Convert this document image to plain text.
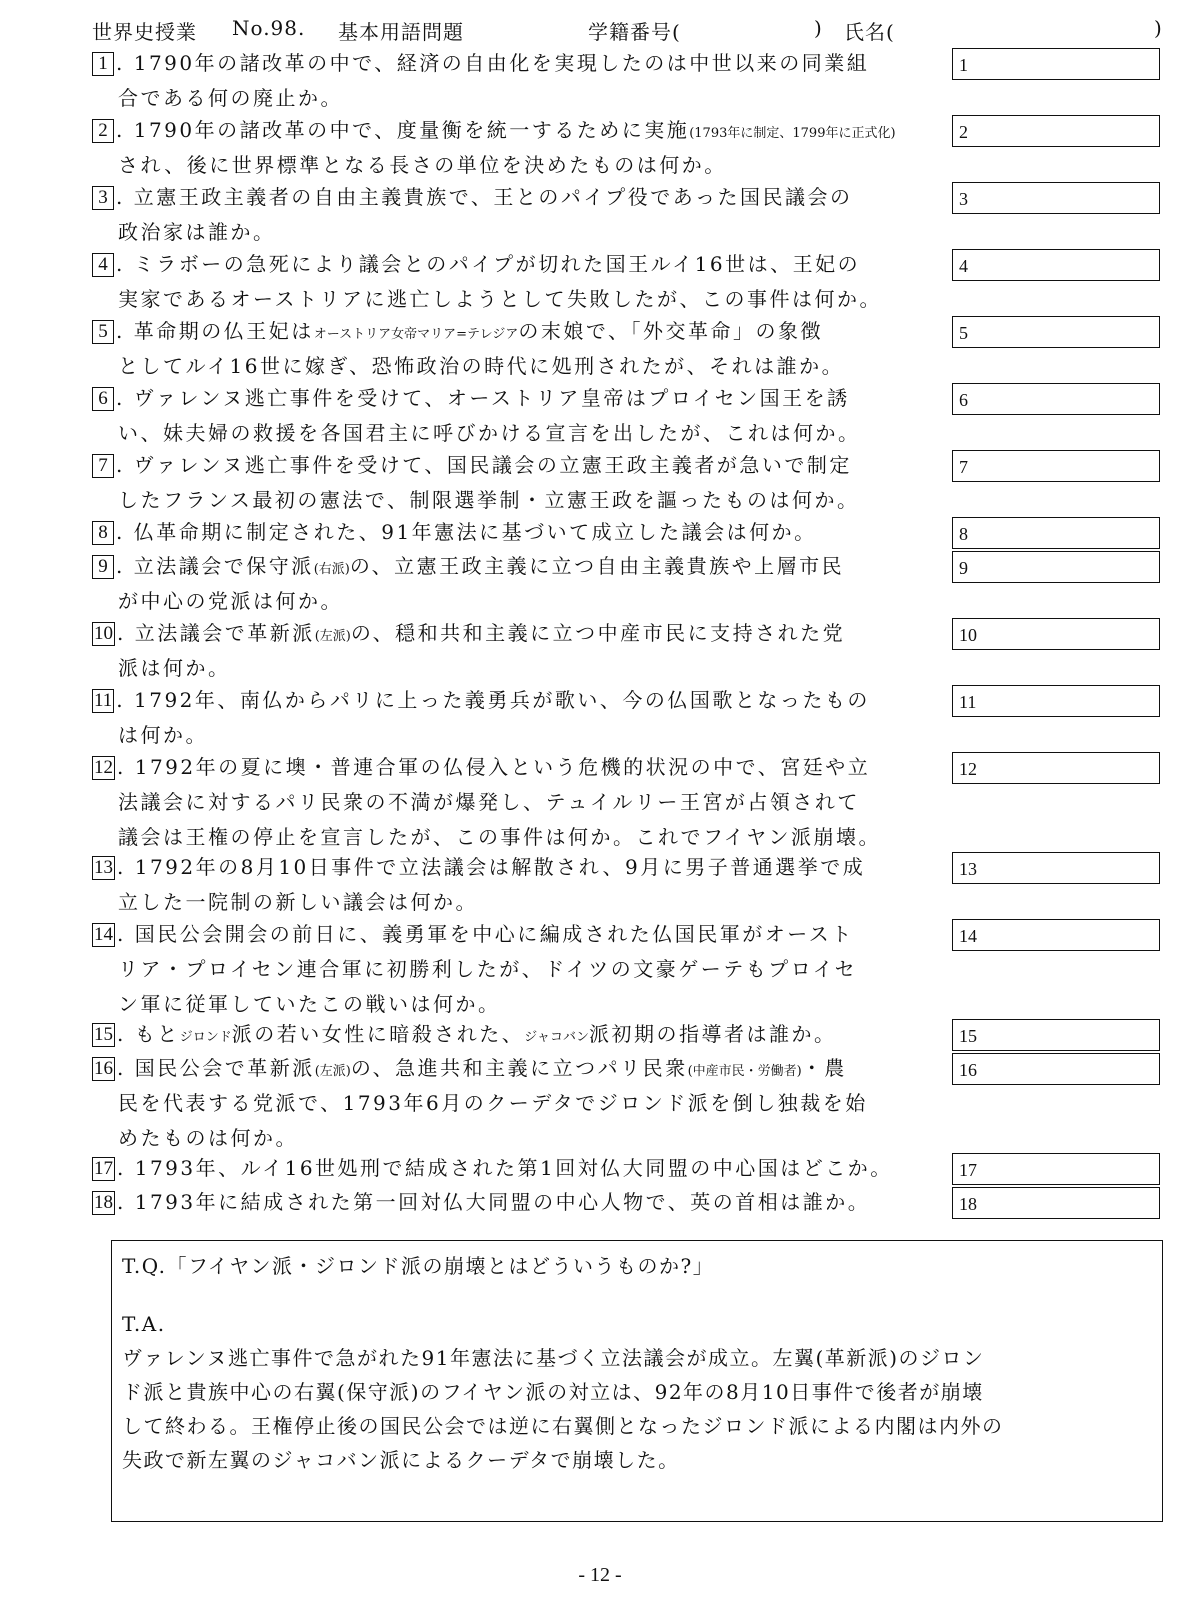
世界史授業 No.98. 基本用語問題	学籍番号(	) 氏名(	)
1 . 1790年の諸改革の中で、経済の自由化を実現したのは中世以来の同業組
合である何の廃止か。
1
2 . 1790年の諸改革の中で、度量衡を統一するために実施(1793年に制定、1799年に正式化)
され、後に世界標準となる長さの単位を決めたものは何か。
2
3 . 立憲王政主義者の自由主義貴族で、王とのパイプ役であった国民議会の
政治家は誰か。
3
4 . ミラボーの急死により議会とのパイプが切れた国王ルイ16世は、王妃の
実家であるオーストリアに逃亡しようとして失敗したが、この事件は何か。
4
5 . 革命期の仏王妃はオーストリア女帝マリア=テレジアの末娘で、「外交革命」の象徴
としてルイ16世に嫁ぎ、恐怖政治の時代に処刑されたが、それは誰か。
5
6 . ヴァレンヌ逃亡事件を受けて、オーストリア皇帝はプロイセン国王を誘
い、妹夫婦の救援を各国君主に呼びかける宣言を出したが、これは何か。
6
7 . ヴァレンヌ逃亡事件を受けて、国民議会の立憲王政主義者が急いで制定
したフランス最初の憲法で、制限選挙制・立憲王政を謳ったものは何か。
7
8 . 仏革命期に制定された、91年憲法に基づいて成立した議会は何か。	8
9 . 立法議会で保守派(右派)の、立憲王政主義に立つ自由主義貴族や上層市民
が中心の党派は何か。
9
10 . 立法議会で革新派(左派)の、穏和共和主義に立つ中産市民に支持された党
派は何か。
10
11 . 1792年、南仏からパリに上った義勇兵が歌い、今の仏国歌となったもの
は何か。
11
12 . 1792年の夏に墺・普連合軍の仏侵入という危機的状況の中で、宮廷や立
法議会に対するパリ民衆の不満が爆発し、テュイルリー王宮が占領されて
議会は王権の停止を宣言したが、この事件は何か。これでフイヤン派崩壊。
12
13 . 1792年の8月10日事件で立法議会は解散され、9月に男子普通選挙で成
立した一院制の新しい議会は何か。
13
14 . 国民公会開会の前日に、義勇軍を中心に編成された仏国民軍がオースト
リア・プロイセン連合軍に初勝利したが、ドイツの文豪ゲーテもプロイセ
ン軍に従軍していたこの戦いは何か。
14
15 . もとジロンド派の若い女性に暗殺された、ジャコバン派初期の指導者は誰か。	15
16 . 国民公会で革新派(左派)の、急進共和主義に立つパリ民衆(中産市民・労働者)・農
民を代表する党派で、1793年6月のクーデタでジロンド派を倒し独裁を始
めたものは何か。
16
17 . 1793年、ルイ16世処刑で結成された第1回対仏大同盟の中心国はどこか。	17
18 . 1793年に結成された第一回対仏大同盟の中心人物で、英の首相は誰か。	18
T.Q.「フイヤン派・ジロンド派の崩壊とはどういうものか?」
T.A.
ヴァレンヌ逃亡事件で急がれた91年憲法に基づく立法議会が成立。左翼(革新派)のジロン
ド派と貴族中心の右翼(保守派)のフイヤン派の対立は、92年の8月10日事件で後者が崩壊
して終わる。王権停止後の国民公会では逆に右翼側となったジロンド派による内閣は内外の
失政で新左翼のジャコバン派によるクーデタで崩壊した。
- 12 -
